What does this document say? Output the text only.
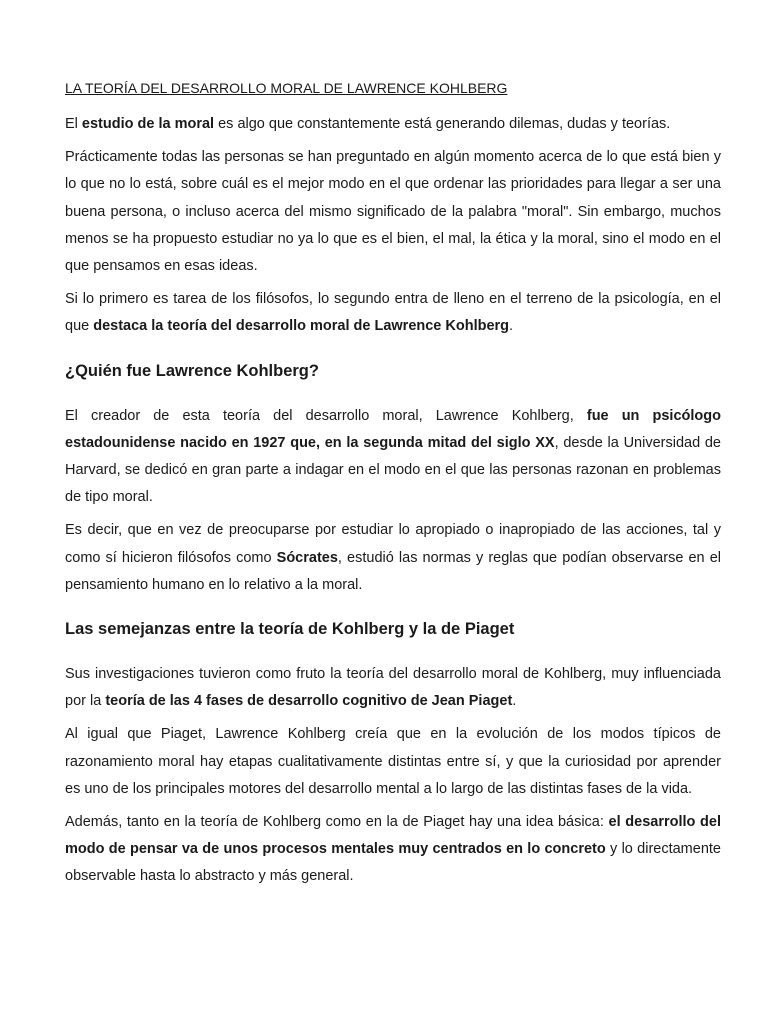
LA TEORÍA DEL DESARROLLO MORAL DE LAWRENCE KOHLBERG

El estudio de la moral es algo que constantemente está generando dilemas, dudas y teorías.

Prácticamente todas las personas se han preguntado en algún momento acerca de lo que está bien y lo que no lo está, sobre cuál es el mejor modo en el que ordenar las prioridades para llegar a ser una buena persona, o incluso acerca del mismo significado de la palabra "moral". Sin embargo, muchos menos se ha propuesto estudiar no ya lo que es el bien, el mal, la ética y la moral, sino el modo en el que pensamos en esas ideas.

Si lo primero es tarea de los filósofos, lo segundo entra de lleno en el terreno de la psicología, en el que destaca la teoría del desarrollo moral de Lawrence Kohlberg.

¿Quién fue Lawrence Kohlberg?

El creador de esta teoría del desarrollo moral, Lawrence Kohlberg, fue un psicólogo estadounidense nacido en 1927 que, en la segunda mitad del siglo XX, desde la Universidad de Harvard, se dedicó en gran parte a indagar en el modo en el que las personas razonan en problemas de tipo moral.

Es decir, que en vez de preocuparse por estudiar lo apropiado o inapropiado de las acciones, tal y como sí hicieron filósofos como Sócrates, estudió las normas y reglas que podían observarse en el pensamiento humano en lo relativo a la moral.

Las semejanzas entre la teoría de Kohlberg y la de Piaget

Sus investigaciones tuvieron como fruto la teoría del desarrollo moral de Kohlberg, muy influenciada por la teoría de las 4 fases de desarrollo cognitivo de Jean Piaget.

Al igual que Piaget, Lawrence Kohlberg creía que en la evolución de los modos típicos de razonamiento moral hay etapas cualitativamente distintas entre sí, y que la curiosidad por aprender es uno de los principales motores del desarrollo mental a lo largo de las distintas fases de la vida.

Además, tanto en la teoría de Kohlberg como en la de Piaget hay una idea básica: el desarrollo del modo de pensar va de unos procesos mentales muy centrados en lo concreto y lo directamente observable hasta lo abstracto y más general.
